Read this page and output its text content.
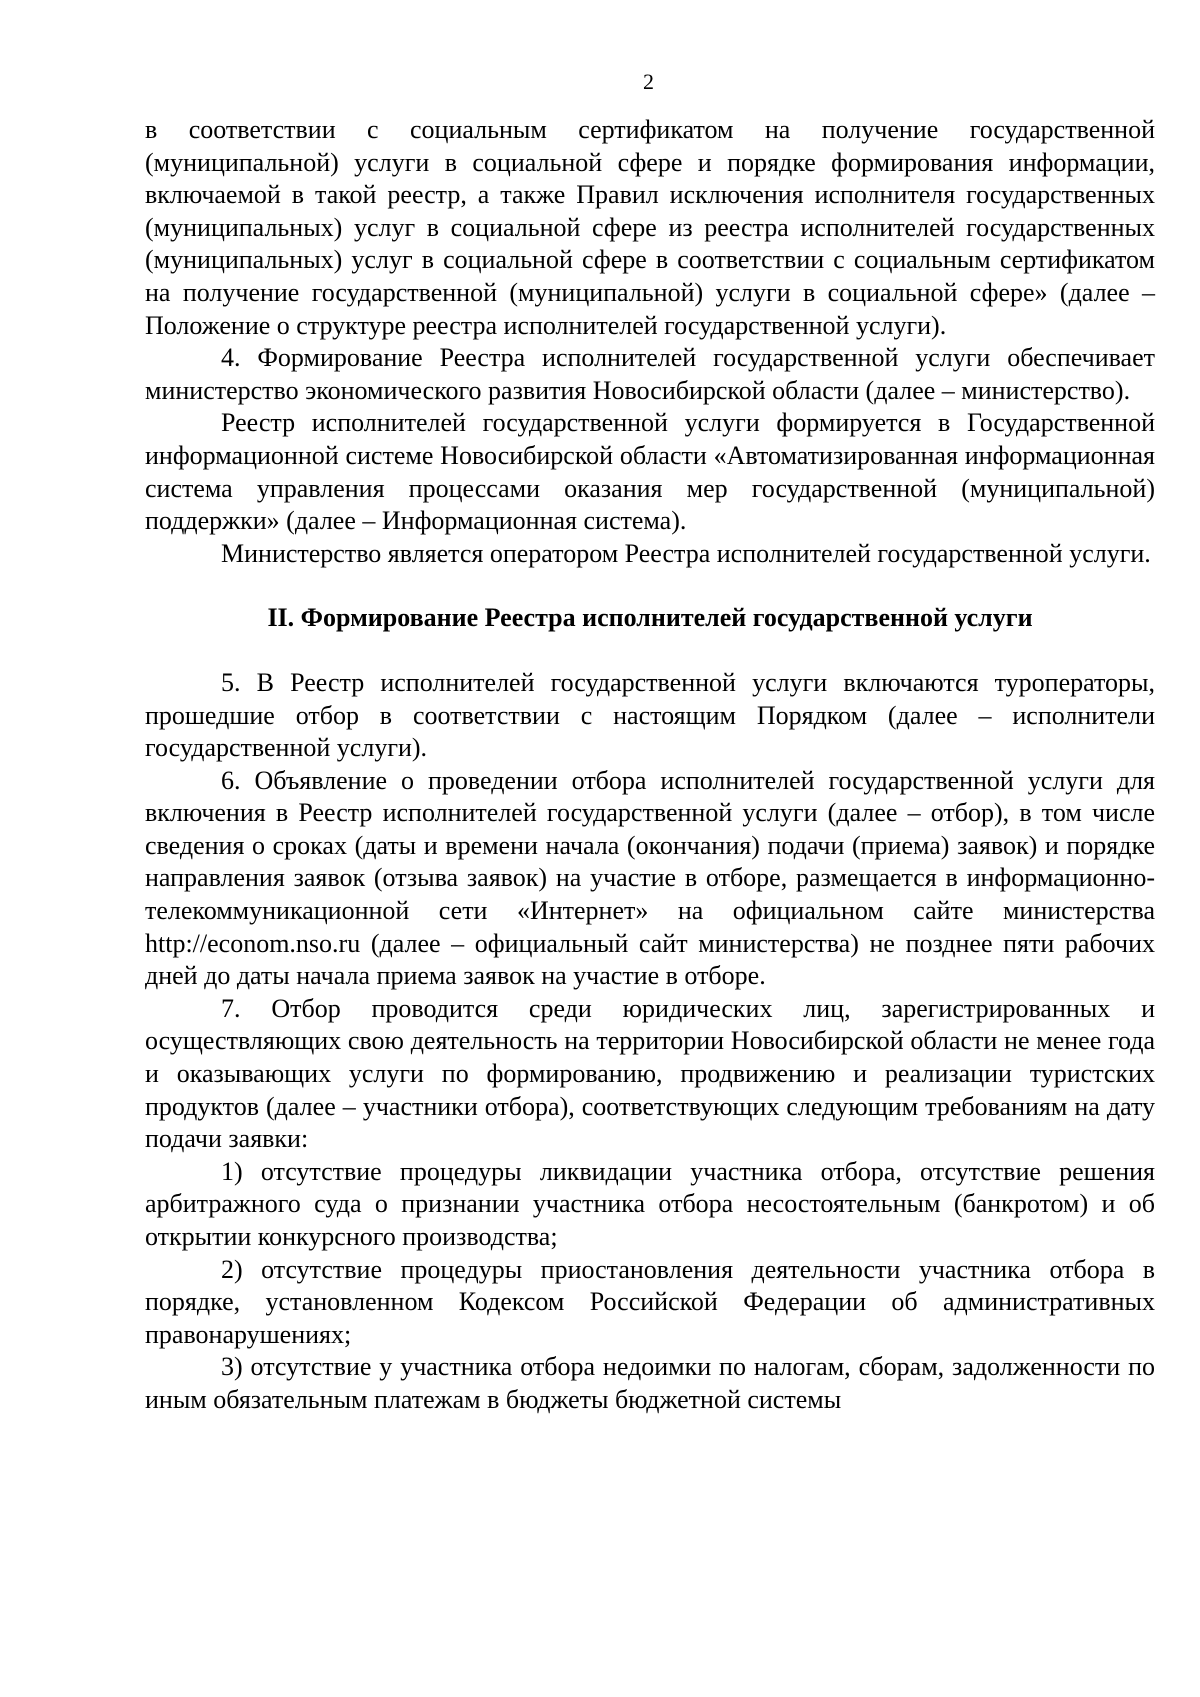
2

в соответствии с социальным сертификатом на получение государственной (муниципальной) услуги в социальной сфере и порядке формирования информации, включаемой в такой реестр, а также Правил исключения исполнителя государственных (муниципальных) услуг в социальной сфере из реестра исполнителей государственных (муниципальных) услуг в социальной сфере в соответствии с социальным сертификатом на получение государственной (муниципальной) услуги в социальной сфере» (далее – Положение о структуре реестра исполнителей государственной услуги).

4. Формирование Реестра исполнителей государственной услуги обеспечивает министерство экономического развития Новосибирской области (далее – министерство).

Реестр исполнителей государственной услуги формируется в Государственной информационной системе Новосибирской области «Автоматизированная информационная система управления процессами оказания мер государственной (муниципальной) поддержки» (далее – Информационная система).

Министерство является оператором Реестра исполнителей государственной услуги.

II. Формирование Реестра исполнителей государственной услуги

5. В Реестр исполнителей государственной услуги включаются туроператоры, прошедшие отбор в соответствии с настоящим Порядком (далее – исполнители государственной услуги).

6. Объявление о проведении отбора исполнителей государственной услуги для включения в Реестр исполнителей государственной услуги (далее – отбор), в том числе сведения о сроках (даты и времени начала (окончания) подачи (приема) заявок) и порядке направления заявок (отзыва заявок) на участие в отборе, размещается в информационно-телекоммуникационной сети «Интернет» на официальном сайте министерства http://econom.nso.ru (далее – официальный сайт министерства) не позднее пяти рабочих дней до даты начала приема заявок на участие в отборе.

7. Отбор проводится среди юридических лиц, зарегистрированных и осуществляющих свою деятельность на территории Новосибирской области не менее года и оказывающих услуги по формированию, продвижению и реализации туристских продуктов (далее – участники отбора), соответствующих следующим требованиям на дату подачи заявки:

1) отсутствие процедуры ликвидации участника отбора, отсутствие решения арбитражного суда о признании участника отбора несостоятельным (банкротом) и об открытии конкурсного производства;

2) отсутствие процедуры приостановления деятельности участника отбора в порядке, установленном Кодексом Российской Федерации об административных правонарушениях;

3) отсутствие у участника отбора недоимки по налогам, сборам, задолженности по иным обязательным платежам в бюджеты бюджетной системы
